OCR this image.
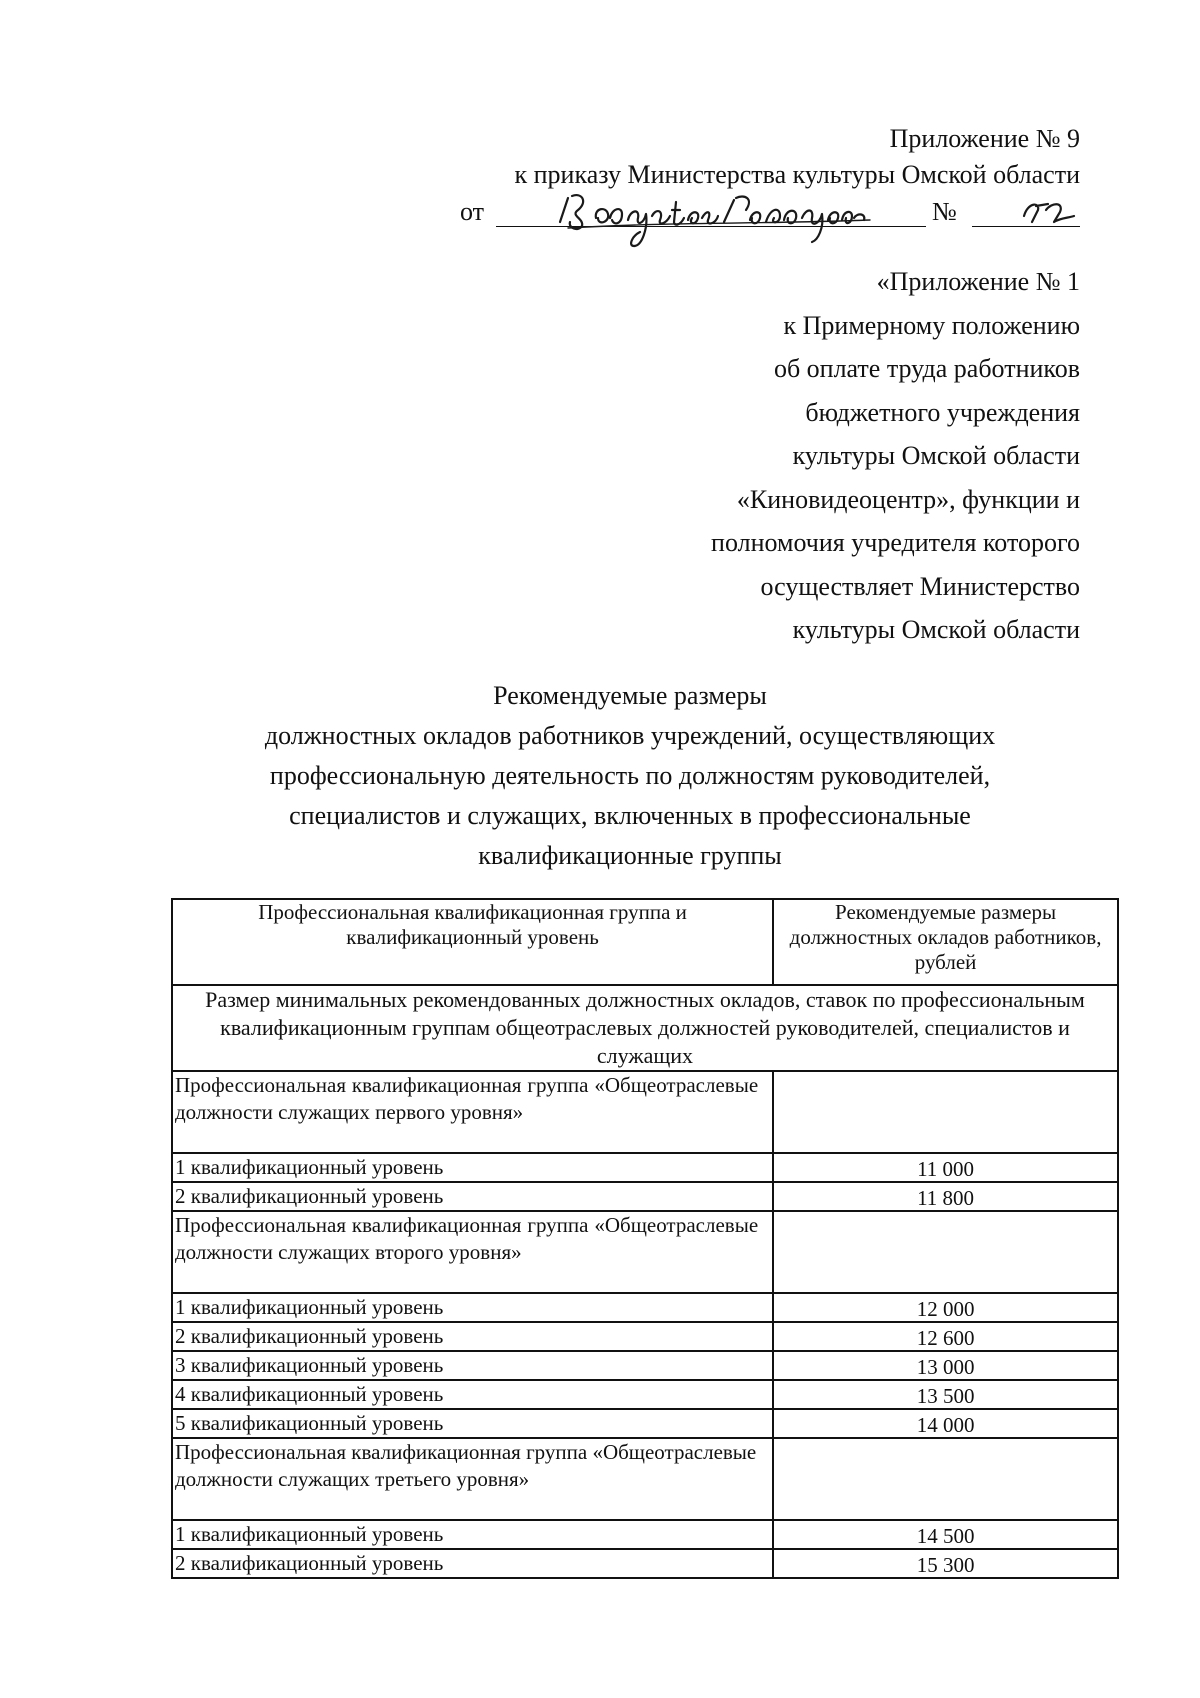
Приложение № 9
к приказу Министерства культуры Омской области
от	№
«Приложение № 1
к Примерному положению
об оплате труда работников
бюджетного учреждения
культуры Омской области
«Киновидеоцентр», функции и
полномочия учредителя которого
осуществляет Министерство
культуры Омской области
Рекомендуемые размеры
должностных окладов работников учреждений, осуществляющих
профессиональную деятельность по должностям руководителей,
специалистов и служащих, включенных в профессиональные
квалификационные группы
Профессиональная квалификационная группа и квалификационный уровень	Рекомендуемые размеры должностных окладов работников, рублей
Размер минимальных рекомендованных должностных окладов, ставок по профессиональным квалификационным группам общеотраслевых должностей руководителей, специалистов и служащих	
Профессиональная квалификационная группа «Общеотраслевые должности служащих первого уровня»	
1 квалификационный уровень	11 000
2 квалификационный уровень	11 800
Профессиональная квалификационная группа «Общеотраслевые должности служащих второго уровня»	
1 квалификационный уровень	12 000
2 квалификационный уровень	12 600
3 квалификационный уровень	13 000
4 квалификационный уровень	13 500
5 квалификационный уровень	14 000
Профессиональная квалификационная группа «Общеотраслевые должности служащих третьего уровня»	
1 квалификационный уровень	14 500
2 квалификационный уровень	15 300
